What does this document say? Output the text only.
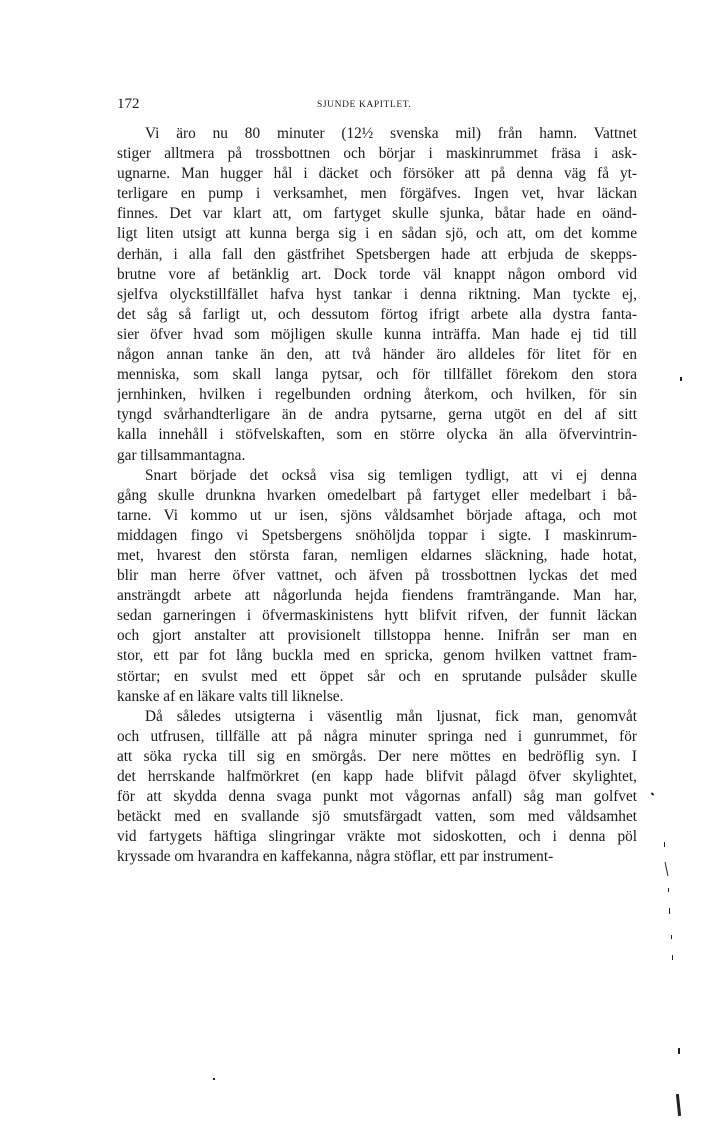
172	SJUNDE KAPITLET.

Vi äro nu 80 minuter (12½ svenska mil) från hamn. Vattnet
stiger alltmera på trossbottnen och börjar i maskinrummet fräsa i ask-
ugnarne. Man hugger hål i däcket och försöker att på denna väg få yt-
terligare en pump i verksamhet, men förgäfves. Ingen vet, hvar läckan
finnes. Det var klart att, om fartyget skulle sjunka, båtar hade en oänd-
ligt liten utsigt att kunna berga sig i en sådan sjö, och att, om det komme
derhän, i alla fall den gästfrihet Spetsbergen hade att erbjuda de skepps-
brutne vore af betänklig art. Dock torde väl knappt någon ombord vid
sjelfva olyckstillfället hafva hyst tankar i denna riktning. Man tyckte ej,
det såg så farligt ut, och dessutom förtog ifrigt arbete alla dystra fanta-
sier öfver hvad som möjligen skulle kunna inträffa. Man hade ej tid till
någon annan tanke än den, att två händer äro alldeles för litet för en
menniska, som skall langa pytsar, och för tillfället förekom den stora
jernhinken, hvilken i regelbunden ordning återkom, och hvilken, för sin
tyngd svårhandterligare än de andra pytsarne, gerna utgöt en del af sitt
kalla innehåll i stöfvelskaften, som en större olycka än alla öfvervintrin-
gar tillsammantagna.

Snart började det också visa sig temligen tydligt, att vi ej denna
gång skulle drunkna hvarken omedelbart på fartyget eller medelbart i bå-
tarne. Vi kommo ut ur isen, sjöns våldsamhet började aftaga, och mot
middagen fingo vi Spetsbergens snöhöljda toppar i sigte. I maskinrum-
met, hvarest den största faran, nemligen eldarnes släckning, hade hotat,
blir man herre öfver vattnet, och äfven på trossbottnen lyckas det med
ansträngdt arbete att någorlunda hejda fiendens framträngande. Man har,
sedan garneringen i öfvermaskinistens hytt blifvit rifven, der funnit läckan
och gjort anstalter att provisionelt tillstoppa henne. Inifrån ser man en
stor, ett par fot lång buckla med en spricka, genom hvilken vattnet fram-
störtar; en svulst med ett öppet sår och en sprutande pulsåder skulle
kanske af en läkare valts till liknelse.

Då således utsigterna i väsentlig mån ljusnat, fick man, genomvåt
och utfrusen, tillfälle att på några minuter springa ned i gunrummet, för
att söka rycka till sig en smörgås. Der nere möttes en bedröflig syn. I
det herrskande halfmörkret (en kapp hade blifvit pålagd öfver skylightet,
för att skydda denna svaga punkt mot vågornas anfall) såg man golfvet
betäckt med en svallande sjö smutsfärgadt vatten, som med våldsamhet
vid fartygets häftiga slingringar vräkte mot sidoskotten, och i denna pöl
kryssade om hvarandra en kaffekanna, några stöflar, ett par instrument-
